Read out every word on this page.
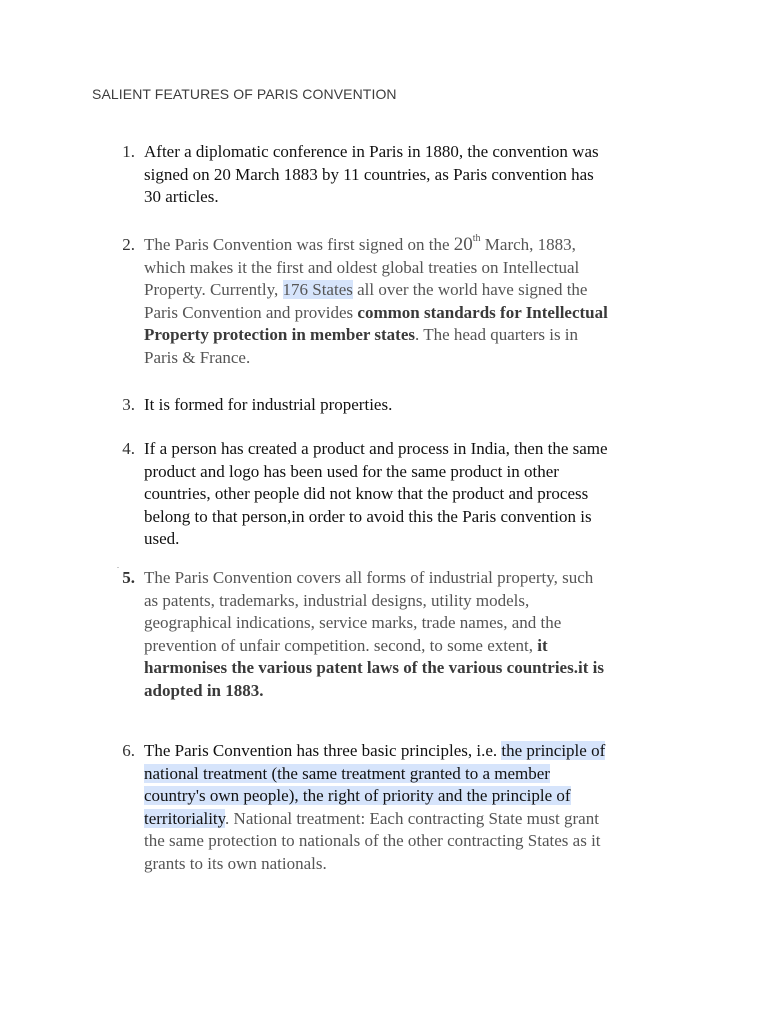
SALIENT FEATURES OF PARIS CONVENTION
1. After a diplomatic conference in Paris in 1880, the convention was
signed on 20 March 1883 by 11 countries, as Paris convention has
30 articles.
2. The Paris Convention was first signed on the 20th March, 1883,
which makes it the first and oldest global treaties on Intellectual
Property. Currently, 176 States all over the world have signed the
Paris Convention and provides common standards for Intellectual
Property protection in member states. The head quarters is in
Paris & France.
3. It is formed for industrial properties.
4. If a person has created a product and process in India, then the same
product and logo has been used for the same product in other
countries, other people did not know that the product and process
belong to that person,in order to avoid this the Paris convention is
used.
.
5. The Paris Convention covers all forms of industrial property, such
as patents, trademarks, industrial designs, utility models,
geographical indications, service marks, trade names, and the
prevention of unfair competition. second, to some extent, it
harmonises the various patent laws of the various countries.it is
adopted in 1883.
6. The Paris Convention has three basic principles, i.e. the principle of
national treatment (the same treatment granted to a member
country's own people), the right of priority and the principle of
territoriality. National treatment: Each contracting State must grant
the same protection to nationals of the other contracting States as it
grants to its own nationals.
